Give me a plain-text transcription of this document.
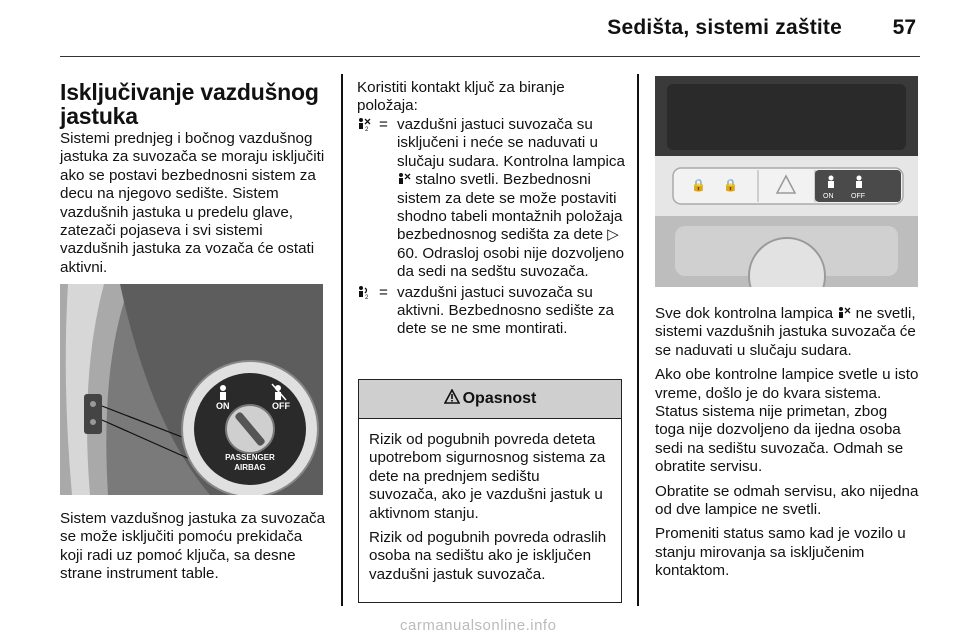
Sedišta, sistemi zaštite 57
Isključivanje vazdušnog jastuka

Sistemi prednjeg i bočnog vazdušnog jastuka za suvozača se moraju isključiti ako se postavi bezbednosni sistem za decu na njegovo sedište. Sistem vazdušnih jastuka u predelu glave, zatezači pojaseva i svi sistemi vazdušnih jastuka za vozača će ostati aktivni.

ON	OFF
PASSENGER
AIRBAG

Sistem vazdušnog jastuka za suvozača se može isključiti pomoću prekidača koji radi uz pomoć ključa, sa desne strane instrument table.

Koristiti kontakt ključ za biranje položaja:

2 = vazdušni jastuci suvozača su isključeni i neće se naduvati u slučaju sudara. Kontrolna lampica  stalno svetli. Bezbednosni sistem za dete se može postaviti shodno tabeli montažnih položaja bezbednosnog sedišta za dete ▷ 60. Odrasloj osobi nije dozvoljeno da sedi na sedštu suvozača.
2 = vazdušni jastuci suvozača su aktivni. Bezbednosno sedište za dete se ne sme montirati.
Opasnost

Rizik od pogubnih povreda deteta upotrebom sigurnosnog sistema za dete na prednjem sedištu suvozača, ako je vazdušni jastuk u aktivnom stanju.

Rizik od pogubnih povreda odraslih osoba na sedištu ako je isključen vazdušni jastuk suvozača.

🔒 🔒
ON	OFF

Sve dok kontrolna lampica ne svetli, sistemi vazdušnih jastuka suvozača će se naduvati u slučaju sudara.

Ako obe kontrolne lampice svetle u isto vreme, došlo je do kvara sistema. Status sistema nije primetan, zbog toga nije dozvoljeno da ijedna osoba sedi na sedištu suvozača. Odmah se obratite servisu.

Obratite se odmah servisu, ako nijedna od dve lampice ne svetli.

Promeniti status samo kad je vozilo u stanju mirovanja sa isključenim kontaktom.

carmanualsonline.info
